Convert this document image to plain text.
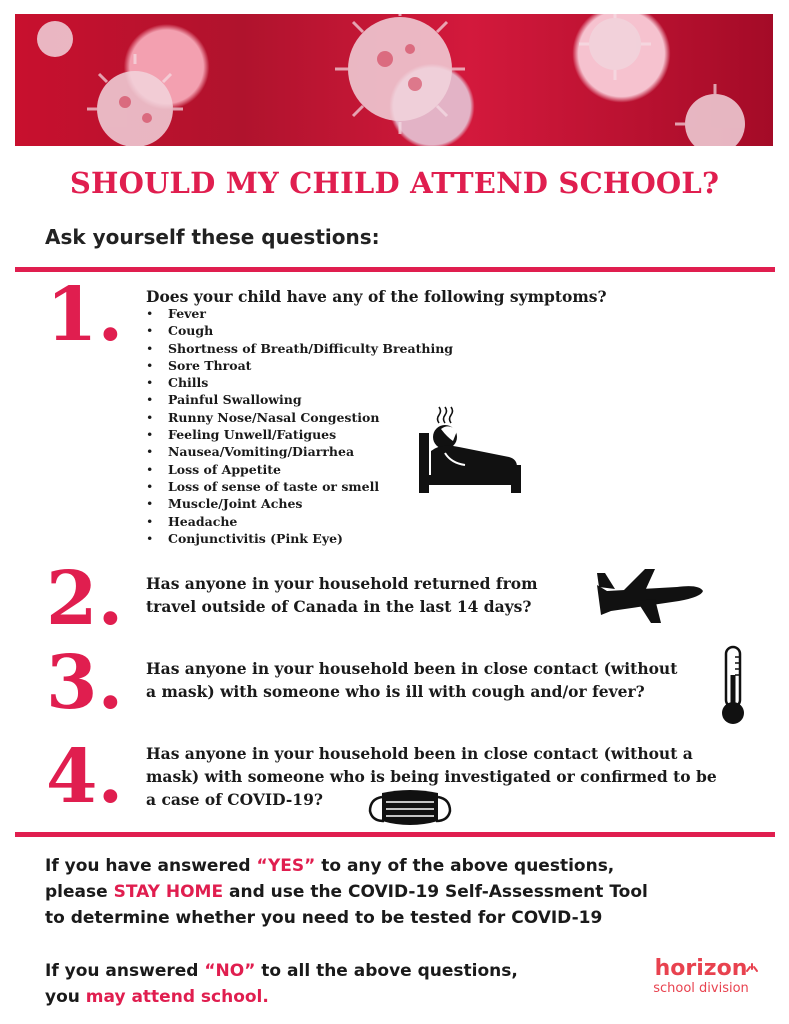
SHOULD MY CHILD ATTEND SCHOOL?
Ask yourself these questions:
1. Does your child have any of the following symptoms?

• Fever
• Cough
• Shortness of Breath/Difficulty Breathing
• Sore Throat
• Chills
• Painful Swallowing
• Runny Nose/Nasal Congestion
• Feeling Unwell/Fatigues
• Nausea/Vomiting/Diarrhea
• Loss of Appetite
• Loss of sense of taste or smell
• Muscle/Joint Aches
• Headache
• Conjunctivitis (Pink Eye)
2. Has anyone in your household returned from

travel outside of Canada in the last 14 days?

3. Has anyone in your household been in close contact (without

a mask) with someone who is ill with cough and/or fever?

4. Has anyone in your household been in close contact (without a

mask) with someone who is being investigated or confirmed to be

a case of COVID-19?

If you have answered “YES” to any of the above questions,

please STAY HOME and use the COVID-19 Self-Assessment Tool

to determine whether you need to be tested for COVID-19

If you answered “NO” to all the above questions,

you may attend school.

horizon
school division
